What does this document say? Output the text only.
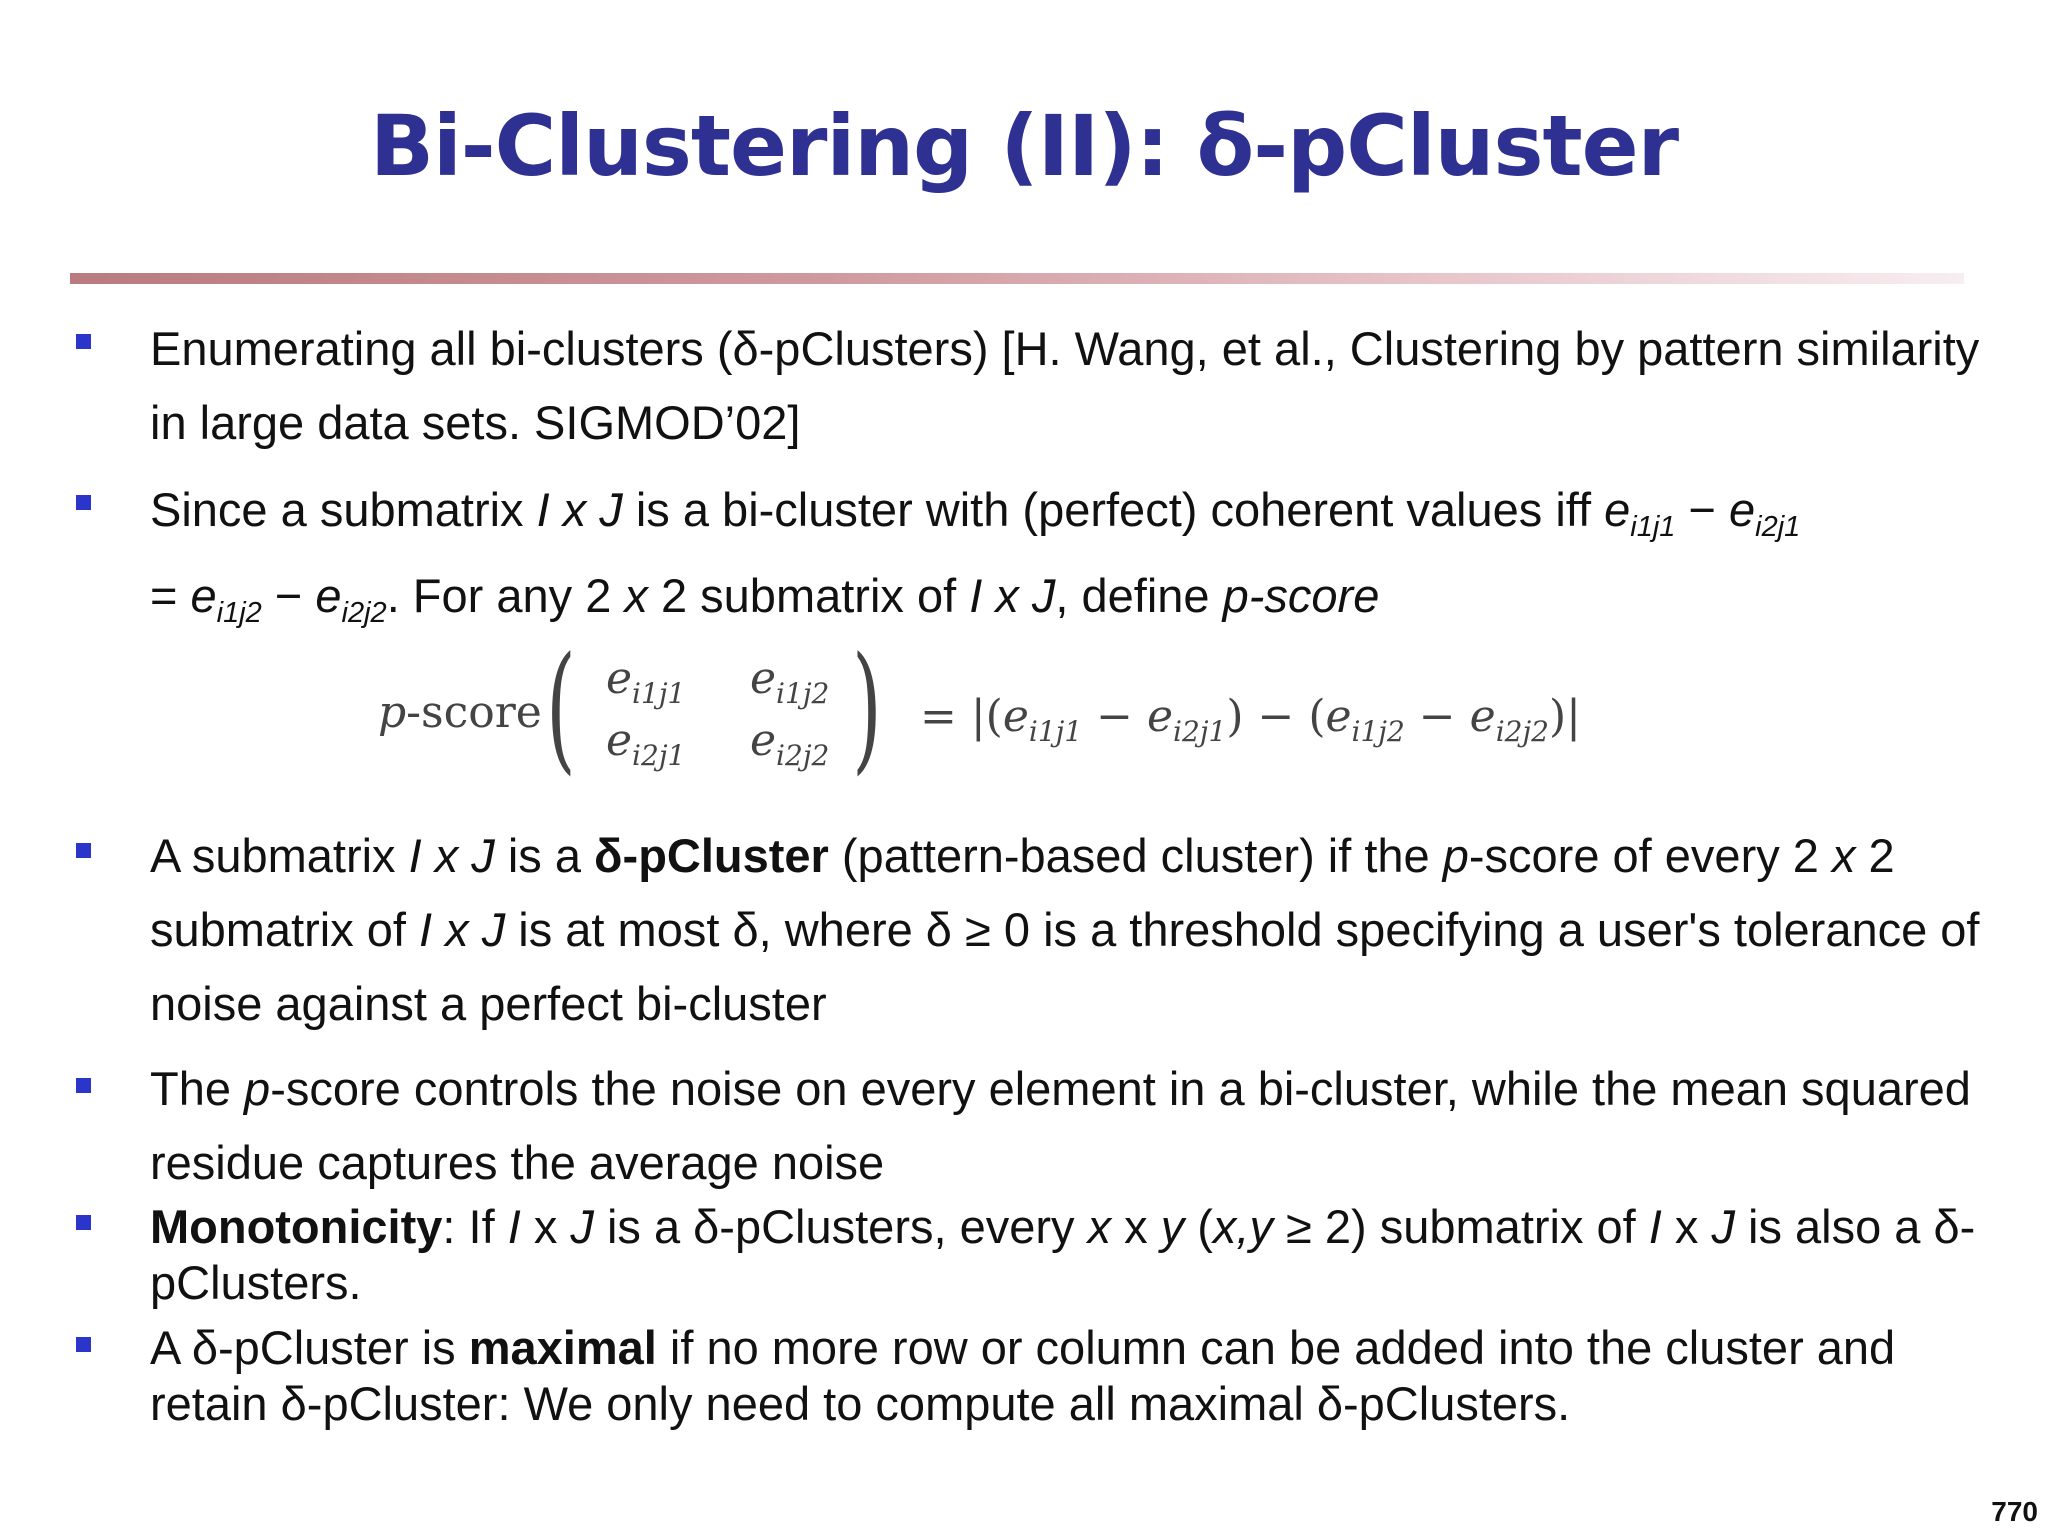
Bi-Clustering (II): δ-pCluster
Enumerating all bi-clusters (δ-pClusters) [H. Wang, et al., Clustering by pattern similarity in large data sets. SIGMOD’02]
Since a submatrix I x J is a bi-cluster with (perfect) coherent values iff $e_{i1j1} - e_{i2j1}$
= $e_{i1j2} - e_{i2j2}$. For any 2 x 2 submatrix of I x J, define p-score
p-score ( $e_{i1j1}$ $e_{i1j2}$
$e_{i2j1}$ $e_{i2j2}$ ) = $|(e_{i1j1} - e_{i2j1}) - (e_{i1j2} - e_{i2j2})|$
A submatrix I x J is a δ-pCluster (pattern-based cluster) if the p-score of every 2 x 2 submatrix of I x J is at most δ, where δ ≥ 0 is a threshold specifying a user's tolerance of noise against a perfect bi-cluster
The p-score controls the noise on every element in a bi-cluster, while the mean squared residue captures the average noise
Monotonicity: If I x J is a δ-pClusters, every x x y (x,y ≥ 2) submatrix of I x J is also a δ-pClusters.
A δ-pCluster is maximal if no more row or column can be added into the cluster and retain δ-pCluster: We only need to compute all maximal δ-pClusters.
770
